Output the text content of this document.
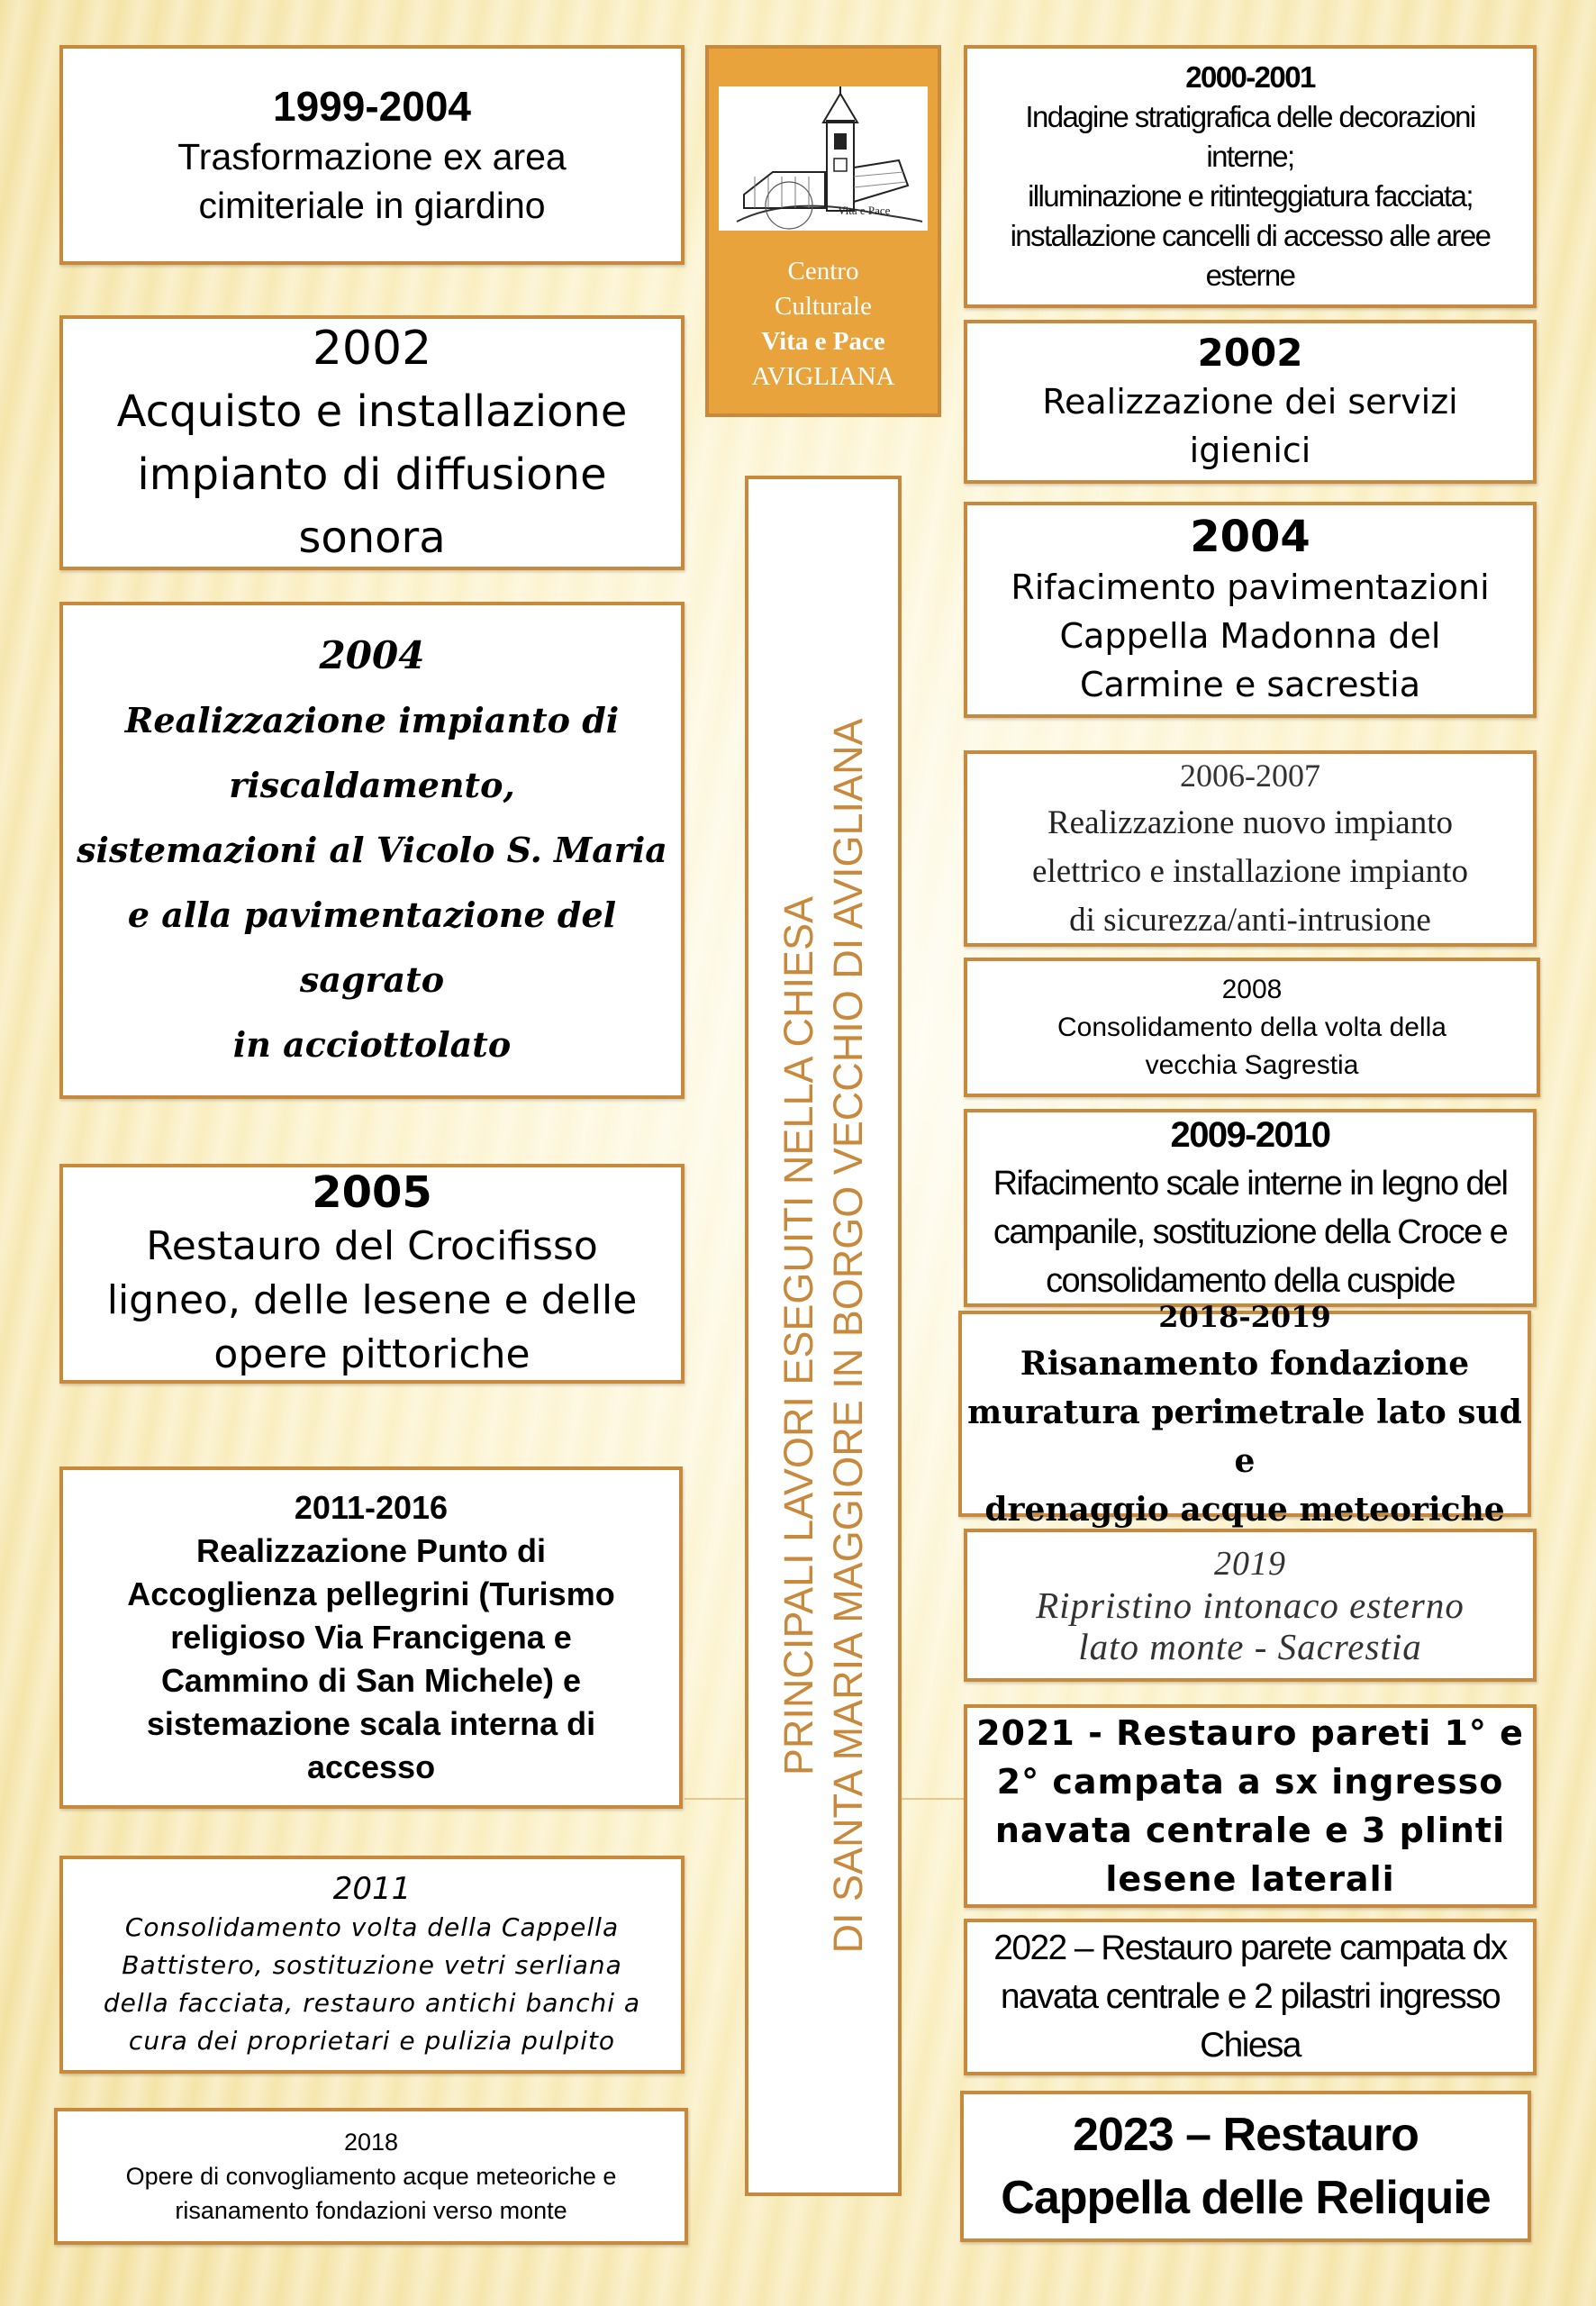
1999-2004
Trasformazione ex area
cimiteriale in giardino
2002
Acquisto e installazione
impianto di diffusione
sonora
2004
Realizzazione impianto di
riscaldamento,
sistemazioni al Vicolo S. Maria
e alla pavimentazione del sagrato
in acciottolato
2005
Restauro del Crocifisso
ligneo, delle lesene e delle
opere pittoriche
2011-2016
Realizzazione Punto di
Accoglienza pellegrini (Turismo
religioso Via Francigena e
Cammino di San Michele) e
sistemazione scala interna di
accesso
2011
Consolidamento volta della Cappella
Battistero, sostituzione vetri serliana
della facciata, restauro antichi banchi a
cura dei proprietari e pulizia pulpito
2018
Opere di convogliamento acque meteoriche e
risanamento fondazioni verso monte
Vita e Pace
Centro
Culturale
Vita e Pace
AVIGLIANA
PRINCIPALI LAVORI ESEGUITI NELLA CHIESA DI SANTA MARIA MAGGIORE IN BORGO VECCHIO DI AVIGLIANA
2000-2001
Indagine stratigrafica delle decorazioni
interne;
illuminazione e ritinteggiatura facciata;
installazione cancelli di accesso alle aree
esterne
2002
Realizzazione dei servizi
igienici
2004
Rifacimento pavimentazioni
Cappella Madonna del
Carmine e sacrestia
2006-2007
Realizzazione nuovo impianto
elettrico e installazione impianto
di sicurezza/anti-intrusione
2008
Consolidamento della volta della
vecchia Sagrestia
2009-2010
Rifacimento scale interne in legno del
campanile, sostituzione della Croce e
consolidamento della cuspide
2018-2019
Risanamento fondazione
muratura perimetrale lato sud e
drenaggio acque meteoriche
2019
Ripristino intonaco esterno
lato monte - Sacrestia
2021 - Restauro pareti 1° e
2° campata a sx ingresso
navata centrale e 3 plinti
lesene laterali
2022 – Restauro parete campata dx
navata centrale e 2 pilastri ingresso
Chiesa
2023 – Restauro
Cappella delle Reliquie
